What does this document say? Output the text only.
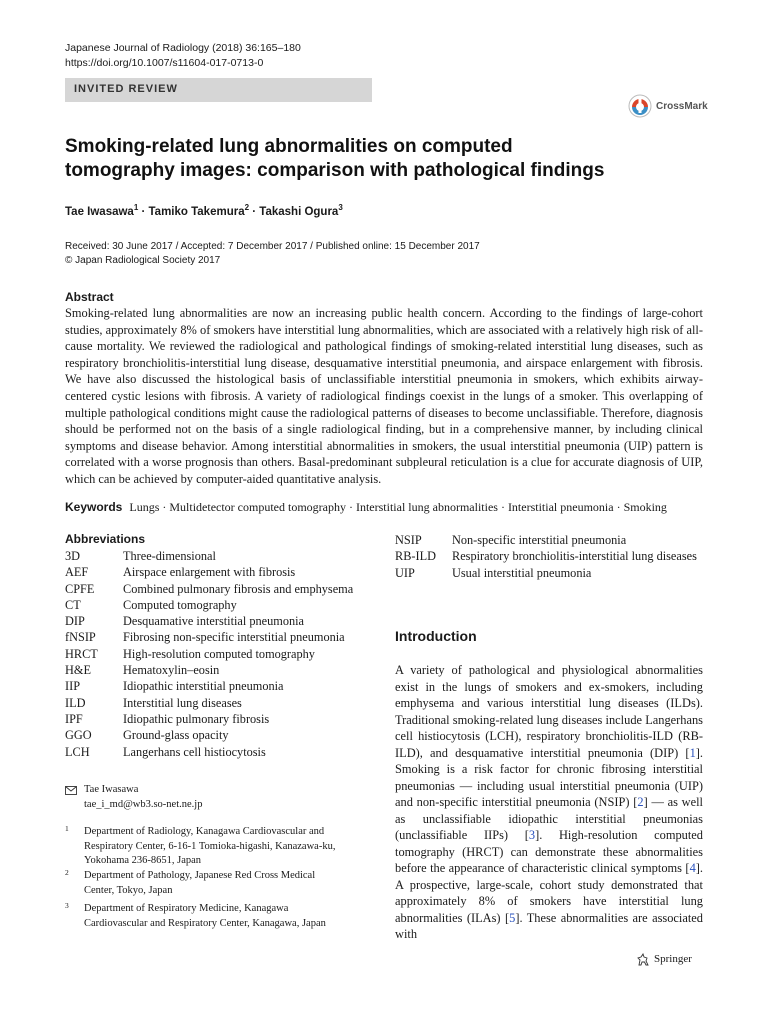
Japanese Journal of Radiology (2018) 36:165–180
https://doi.org/10.1007/s11604-017-0713-0
INVITED REVIEW
CrossMark
Smoking-related lung abnormalities on computed tomography images: comparison with pathological findings
Tae Iwasawa$^1$ · Tamiko Takemura$^2$ · Takashi Ogura$^3$
Received: 30 June 2017 / Accepted: 7 December 2017 / Published online: 15 December 2017
© Japan Radiological Society 2017
Abstract
Smoking-related lung abnormalities are now an increasing public health concern. According to the findings of large-cohort studies, approximately 8% of smokers have interstitial lung abnormalities, which are associated with a relatively high risk of all-cause mortality. We reviewed the radiological and pathological findings of smoking-related interstitial lung diseases, such as respiratory bronchiolitis-interstitial lung disease, desquamative interstitial pneumonia, and airspace enlargement with fibrosis. We have also discussed the histological basis of unclassifiable interstitial pneumonia in smokers, which exhibits airway-centered cystic lesions with fibrosis. A variety of radiological findings coexist in the lungs of a smoker. This overlapping of multiple pathological conditions might cause the radiological patterns of diseases to become unclassifiable. Therefore, diagnosis should be performed not on the basis of a single radiological finding, but in a comprehensive manner, by including clinical symptoms and disease behavior. Among interstitial abnormalities in smokers, the usual interstitial pneumonia (UIP) pattern is correlated with a worse prognosis than others. Basal-predominant subpleural reticulation is a clue for accurate diagnosis of UIP, which can be achieved by computer-aided quantitative analysis.
Keywords Lungs · Multidetector computed tomography · Interstitial lung abnormalities · Interstitial pneumonia · Smoking
Abbreviations
3D	Three-dimensional
AEF	Airspace enlargement with fibrosis
CPFE Combined pulmonary fibrosis and emphysema
CT	Computed tomography
DIP	Desquamative interstitial pneumonia
fNSIP Fibrosing non-specific interstitial pneumonia
HRCT High-resolution computed tomography
H&E	Hematoxylin–eosin
IIP	Idiopathic interstitial pneumonia
ILD	Interstitial lung diseases
IPF	Idiopathic pulmonary fibrosis
GGO	Ground-glass opacity
LCH	Langerhans cell histiocytosis
NSIP Non-specific interstitial pneumonia
RB-ILD Respiratory bronchiolitis-interstitial lung diseases
UIP	Usual interstitial pneumonia
Tae Iwasawa
tae_i_md@wb3.so-net.ne.jp
1 Department of Radiology, Kanagawa Cardiovascular and Respiratory Center, 6-16-1 Tomioka-higashi, Kanazawa-ku, Yokohama 236-8651, Japan
2 Department of Pathology, Japanese Red Cross Medical Center, Tokyo, Japan
3 Department of Respiratory Medicine, Kanagawa Cardiovascular and Respiratory Center, Kanagawa, Japan
Introduction
A variety of pathological and physiological abnormalities exist in the lungs of smokers and ex-smokers, including emphysema and various interstitial lung diseases (ILDs). Traditional smoking-related lung diseases include Langerhans cell histiocytosis (LCH), respiratory bronchiolitis-ILD (RB-ILD), and desquamative interstitial pneumonia (DIP) [1]. Smoking is a risk factor for chronic fibrosing interstitial pneumonias — including usual interstitial pneumonia (UIP) and non-specific interstitial pneumonia (NSIP) [2] — as well as unclassifiable idiopathic interstitial pneumonias (unclassifiable IIPs) [3]. High-resolution computed tomography (HRCT) can demonstrate these abnormalities before the appearance of characteristic clinical symptoms [4]. A prospective, large-scale, cohort study demonstrated that approximately 8% of smokers have interstitial lung abnormalities (ILAs) [5]. These abnormalities are associated with
Springer
